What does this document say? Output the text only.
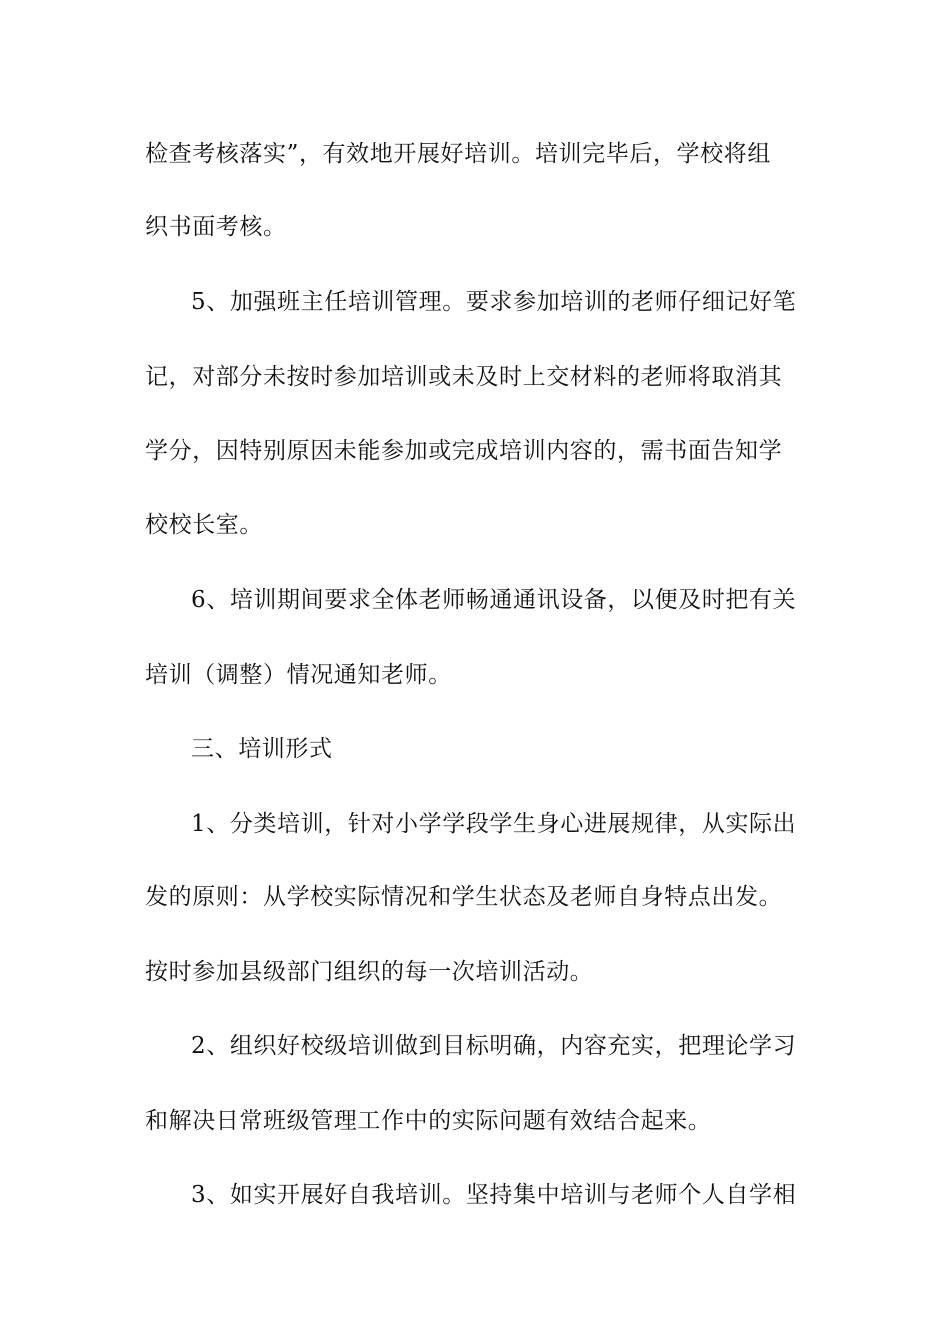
检查考核落实”，有效地开展好培训。培训完毕后，学校将组
织书面考核。
5、加强班主任培训管理。要求参加培训的老师仔细记好笔
记，对部分未按时参加培训或未及时上交材料的老师将取消其
学分，因特别原因未能参加或完成培训内容的，需书面告知学
校校长室。
6、培训期间要求全体老师畅通通讯设备，以便及时把有关
培训（调整）情况通知老师。
三、培训形式
1、分类培训，针对小学学段学生身心进展规律，从实际出
发的原则：从学校实际情况和学生状态及老师自身特点出发。
按时参加县级部门组织的每一次培训活动。
2、组织好校级培训做到目标明确，内容充实，把理论学习
和解决日常班级管理工作中的实际问题有效结合起来。
3、如实开展好自我培训。坚持集中培训与老师个人自学相
